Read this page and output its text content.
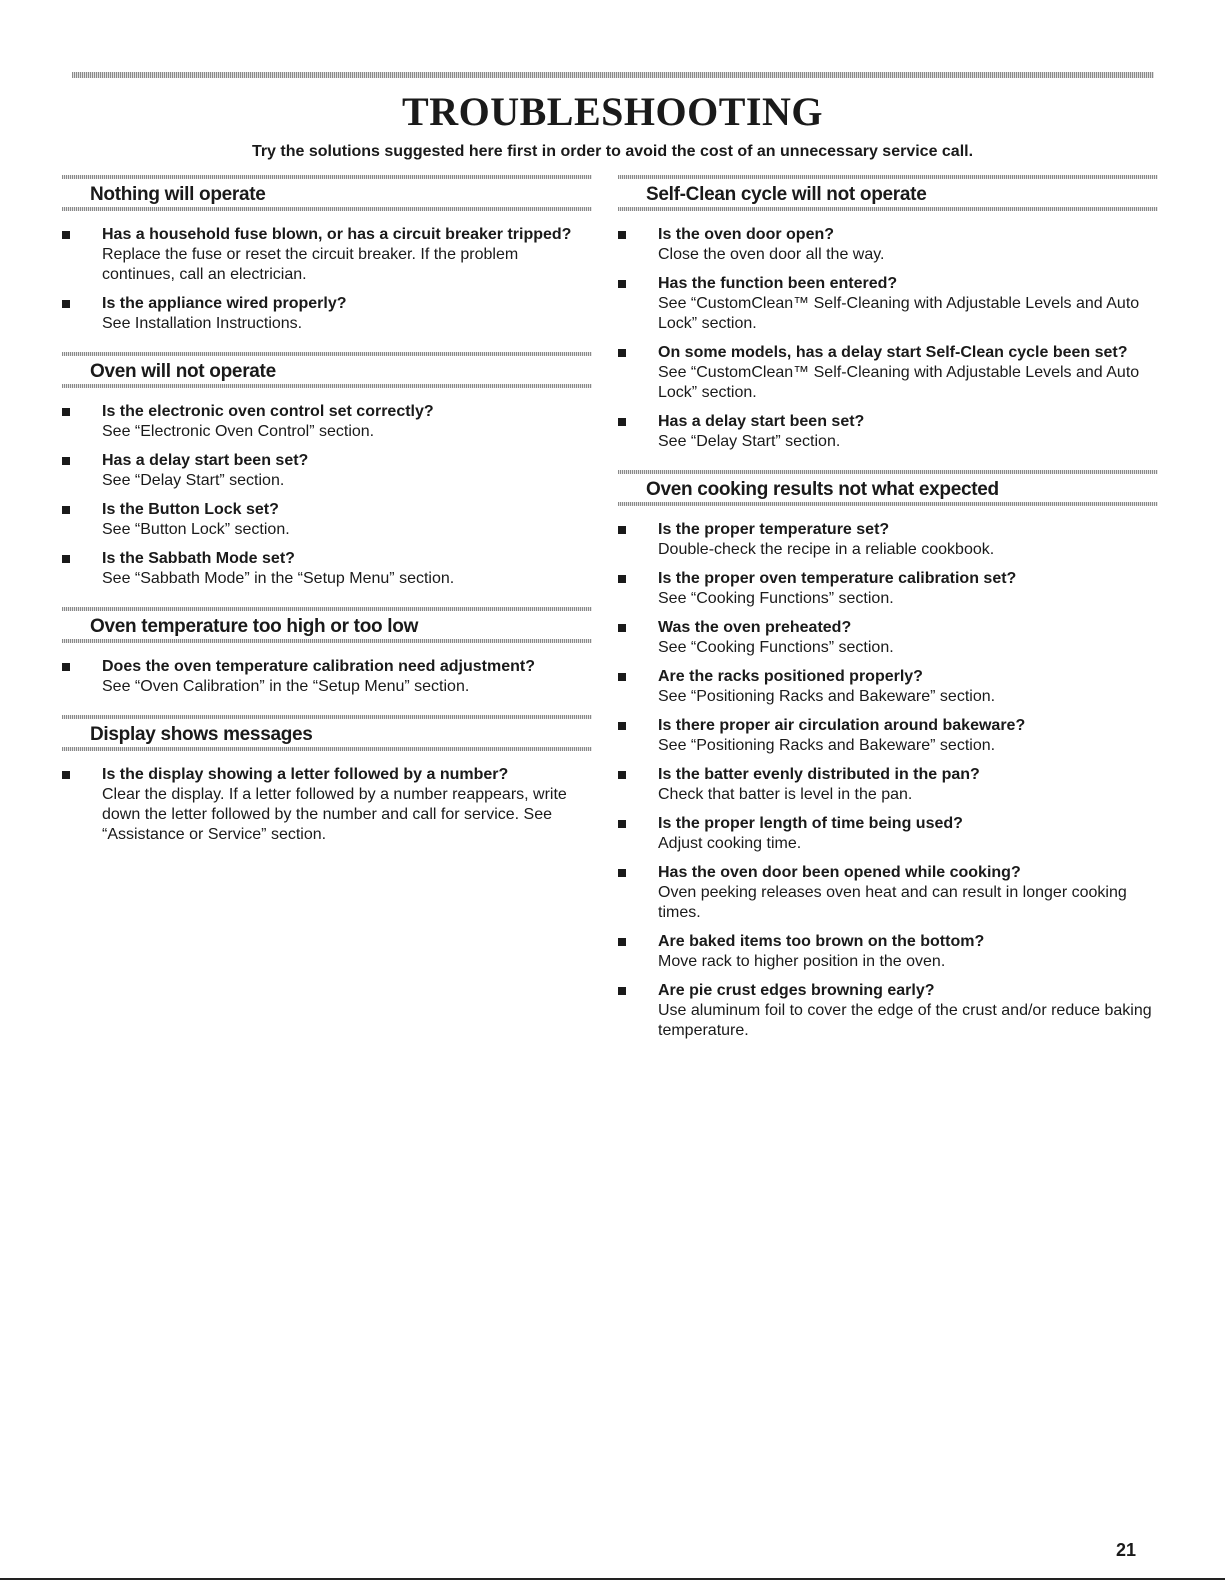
TROUBLESHOOTING
Try the solutions suggested here first in order to avoid the cost of an unnecessary service call.
Nothing will operate
Has a household fuse blown, or has a circuit breaker tripped?
Replace the fuse or reset the circuit breaker. If the problem continues, call an electrician.
Is the appliance wired properly?
See Installation Instructions.
Oven will not operate
Is the electronic oven control set correctly?
See “Electronic Oven Control” section.
Has a delay start been set?
See “Delay Start” section.
Is the Button Lock set?
See “Button Lock” section.
Is the Sabbath Mode set?
See “Sabbath Mode” in the “Setup Menu” section.
Oven temperature too high or too low
Does the oven temperature calibration need adjustment?
See “Oven Calibration” in the “Setup Menu” section.
Display shows messages
Is the display showing a letter followed by a number?
Clear the display. If a letter followed by a number reappears, write down the letter followed by the number and call for service. See “Assistance or Service” section.
Self-Clean cycle will not operate
Is the oven door open?
Close the oven door all the way.
Has the function been entered?
See “CustomClean™ Self-Cleaning with Adjustable Levels and Auto Lock” section.
On some models, has a delay start Self-Clean cycle been set?
See “CustomClean™ Self-Cleaning with Adjustable Levels and Auto Lock” section.
Has a delay start been set?
See “Delay Start” section.
Oven cooking results not what expected
Is the proper temperature set?
Double-check the recipe in a reliable cookbook.
Is the proper oven temperature calibration set?
See “Cooking Functions” section.
Was the oven preheated?
See “Cooking Functions” section.
Are the racks positioned properly?
See “Positioning Racks and Bakeware” section.
Is there proper air circulation around bakeware?
See “Positioning Racks and Bakeware” section.
Is the batter evenly distributed in the pan?
Check that batter is level in the pan.
Is the proper length of time being used?
Adjust cooking time.
Has the oven door been opened while cooking?
Oven peeking releases oven heat and can result in longer cooking times.
Are baked items too brown on the bottom?
Move rack to higher position in the oven.
Are pie crust edges browning early?
Use aluminum foil to cover the edge of the crust and/or reduce baking temperature.
21
